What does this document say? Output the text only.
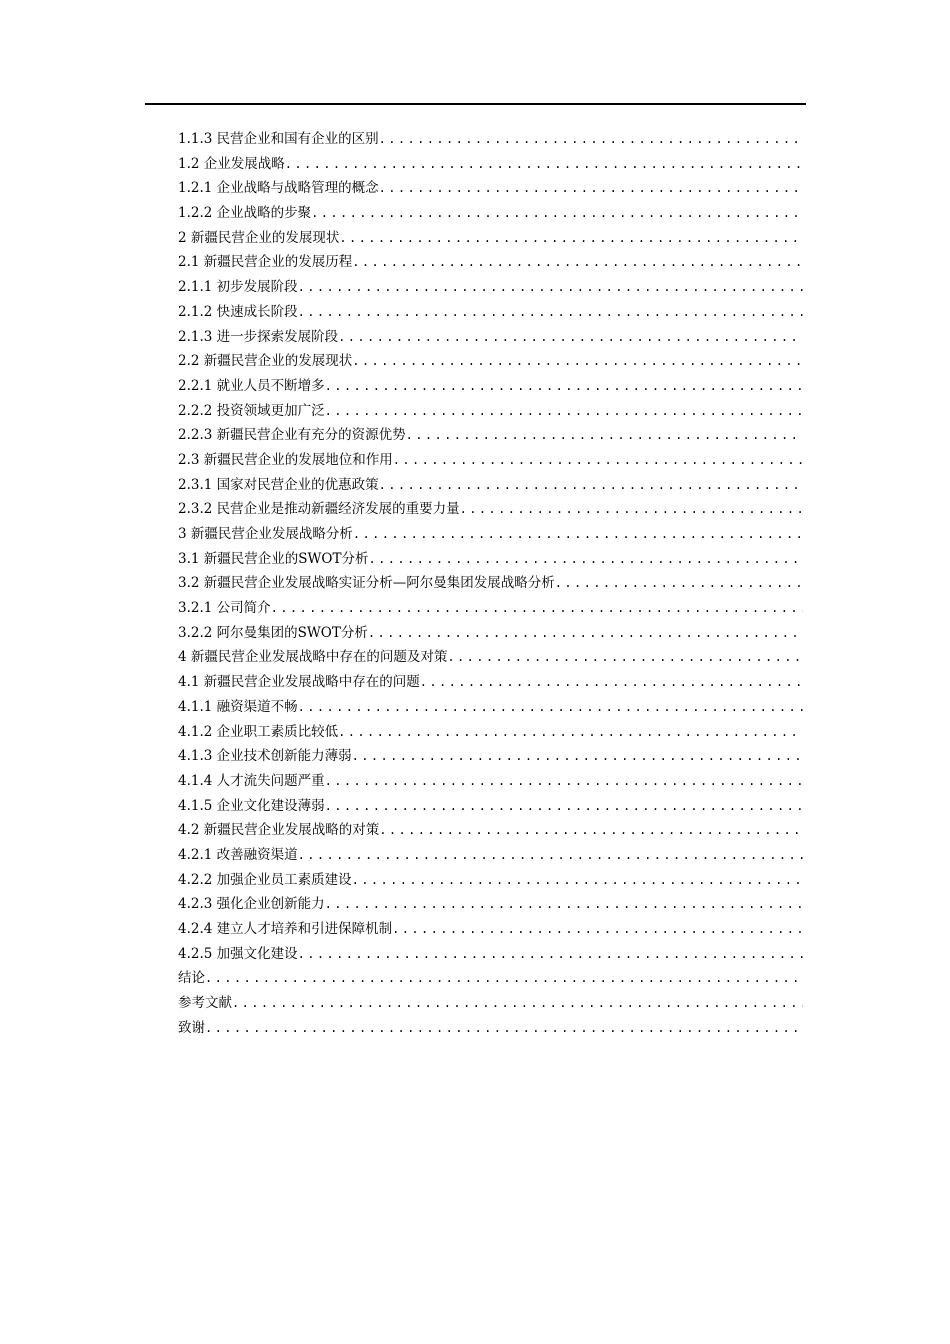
1.1.3 民营企业和国有企业的区别
.....
1.2 企业发展战略
.....
1.2.1 企业战略与战略管理的概念
.....
1.2.2 企业战略的步聚
.....
2 新疆民营企业的发展现状
.....
2.1 新疆民营企业的发展历程
.....
2.1.1 初步发展阶段
.....
2.1.2 快速成长阶段
.....
2.1.3 进一步探索发展阶段
.....
2.2 新疆民营企业的发展现状
.....
2.2.1 就业人员不断增多
.....
2.2.2 投资领域更加广泛
.....
2.2.3 新疆民营企业有充分的资源优势
.....
2.3 新疆民营企业的发展地位和作用
.....
2.3.1 国家对民营企业的优惠政策
.....
2.3.2 民营企业是推动新疆经济发展的重要力量
.....
3 新疆民营企业发展战略分析
.....
3.1 新疆民营企业的SWOT分析
.....
3.2 新疆民营企业发展战略实证分析—阿尔曼集团发展战略分析
.....
3.2.1 公司简介
.....
3.2.2 阿尔曼集团的SWOT分析
.....
4 新疆民营企业发展战略中存在的问题及对策
.....
4.1 新疆民营企业发展战略中存在的问题
.....
4.1.1 融资渠道不畅
.....
4.1.2 企业职工素质比较低
.....
4.1.3 企业技术创新能力薄弱
.....
4.1.4 人才流失问题严重
.....
4.1.5 企业文化建设薄弱
.....
4.2 新疆民营企业发展战略的对策
.....
4.2.1 改善融资渠道
.....
4.2.2 加强企业员工素质建设
.....
4.2.3 强化企业创新能力
.....
4.2.4 建立人才培养和引进保障机制
.....
4.2.5 加强文化建设
.....
结论
.....
参考文献
.....
致谢
.....
